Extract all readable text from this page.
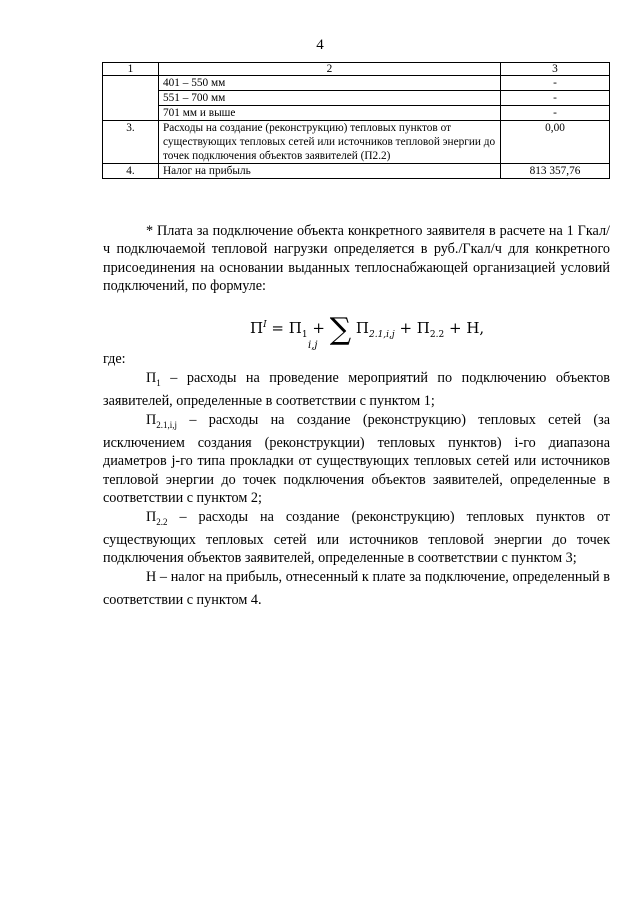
4
1	2	3
	401 – 550 мм	-
	551 – 700 мм	-
	701 мм и выше	-
3.	Расходы на создание (реконструкцию) тепловых пунктов от существующих тепловых сетей или источников тепловой энергии до точек подключения объектов заявителей (П2.2)	0,00
4.	Налог на прибыль	813 357,76

* Плата за подключение объекта конкретного заявителя в расчете на 1 Гкал/ч подключаемой тепловой нагрузки определяется в руб./Гкал/ч для конкретного присоединения на основании выданных теплоснабжающей организацией условий подключений, по формуле:

$П^I = П_1$ + ∑ $П_{2.1,i,j} + П_{2.2} + Н$,
i,j
где:

$П_1$ – расходы на проведение мероприятий по подключению объектов заявителей, определенные в соответствии с пунктом 1;

$П_{2.1,i,j}$ – расходы на создание (реконструкцию) тепловых сетей (за исключением создания (реконструкции) тепловых пунктов) i-го диапазона диаметров j-го типа прокладки от существующих тепловых сетей или источников тепловой энергии до точек подключения объектов заявителей, определенные в соответствии с пунктом 2;

$П_{2.2}$ – расходы на создание (реконструкцию) тепловых пунктов от существующих тепловых сетей или источников тепловой энергии до точек подключения объектов заявителей, определенные в соответствии с пунктом 3;

Н – налог на прибыль, отнесенный к плате за подключение, определенный в соответствии с пунктом 4.
